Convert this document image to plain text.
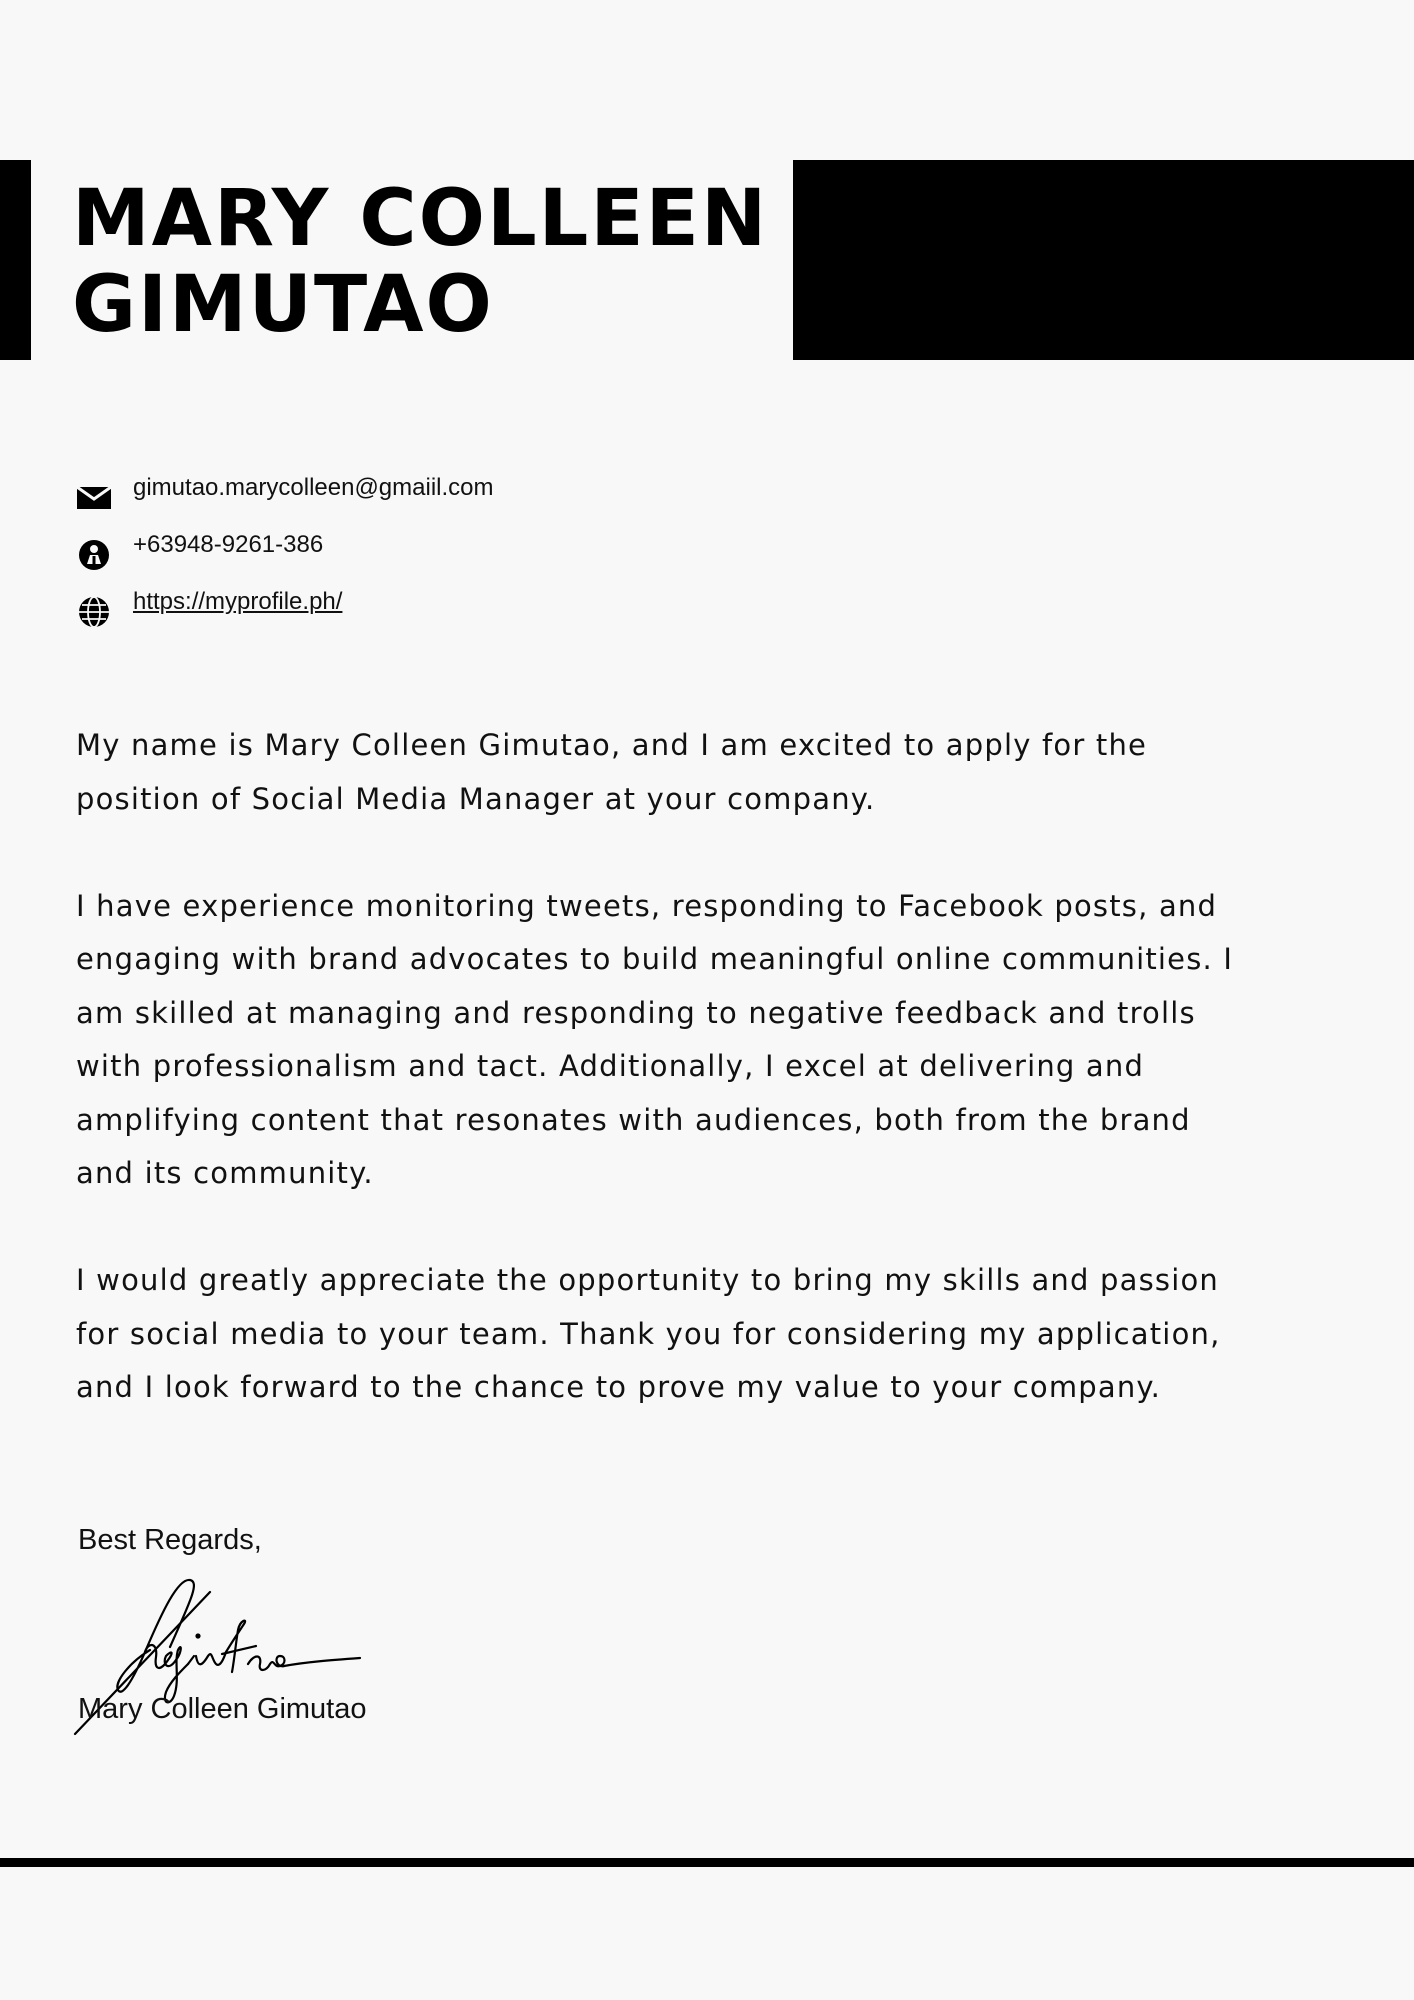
MARY COLLEEN
GIMUTAO
gimutao.marycolleen@gmaiil.com
+63948-9261-386
https://myprofile.ph/

My name is Mary Colleen Gimutao, and I am excited to apply for the
position of Social Media Manager at your company.

I have experience monitoring tweets, responding to Facebook posts, and
engaging with brand advocates to build meaningful online communities. I
am skilled at managing and responding to negative feedback and trolls
with professionalism and tact. Additionally, I excel at delivering and
amplifying content that resonates with audiences, both from the brand
and its community.

I would greatly appreciate the opportunity to bring my skills and passion
for social media to your team. Thank you for considering my application,
and I look forward to the chance to prove my value to your company.

Best Regards,
Mary Colleen Gimutao
